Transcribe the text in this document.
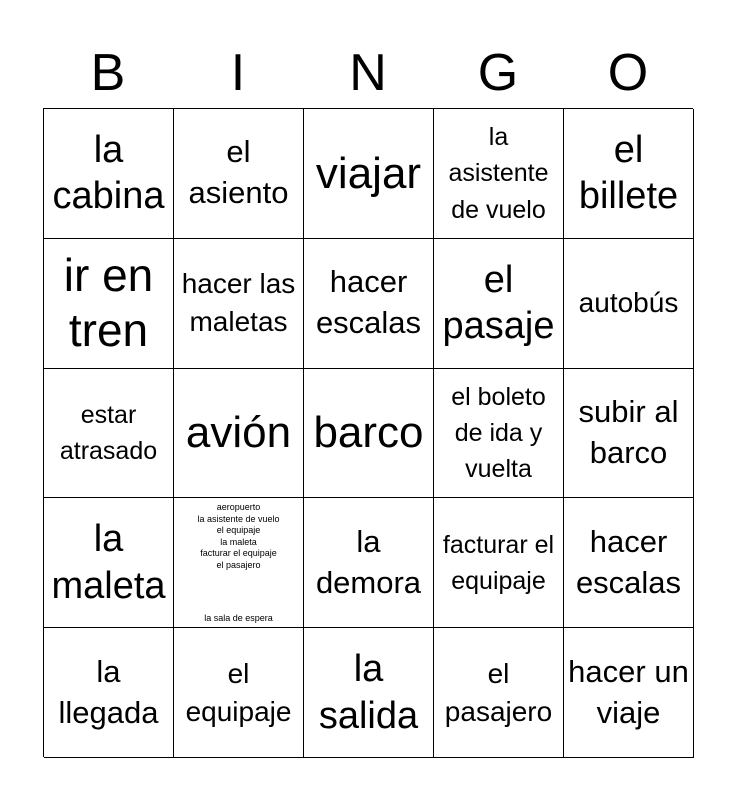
B	I	N	G	O
la cabina
el asiento viajar
la asistente de vuelo
el billete
ir en tren
hacer las maletas
hacer escalas
el pasaje
autobús
estar atrasado avión barco
el boleto de ida y vuelta
subir al barco
la maleta
aeropuerto
la asistente de vuelo
el equipaje
la maleta
facturar el equipaje
el pasajero
la sala de espera
la demora
facturar el equipaje
hacer escalas
la llegada
el equipaje
la salida
el pasajero
hacer un viaje
